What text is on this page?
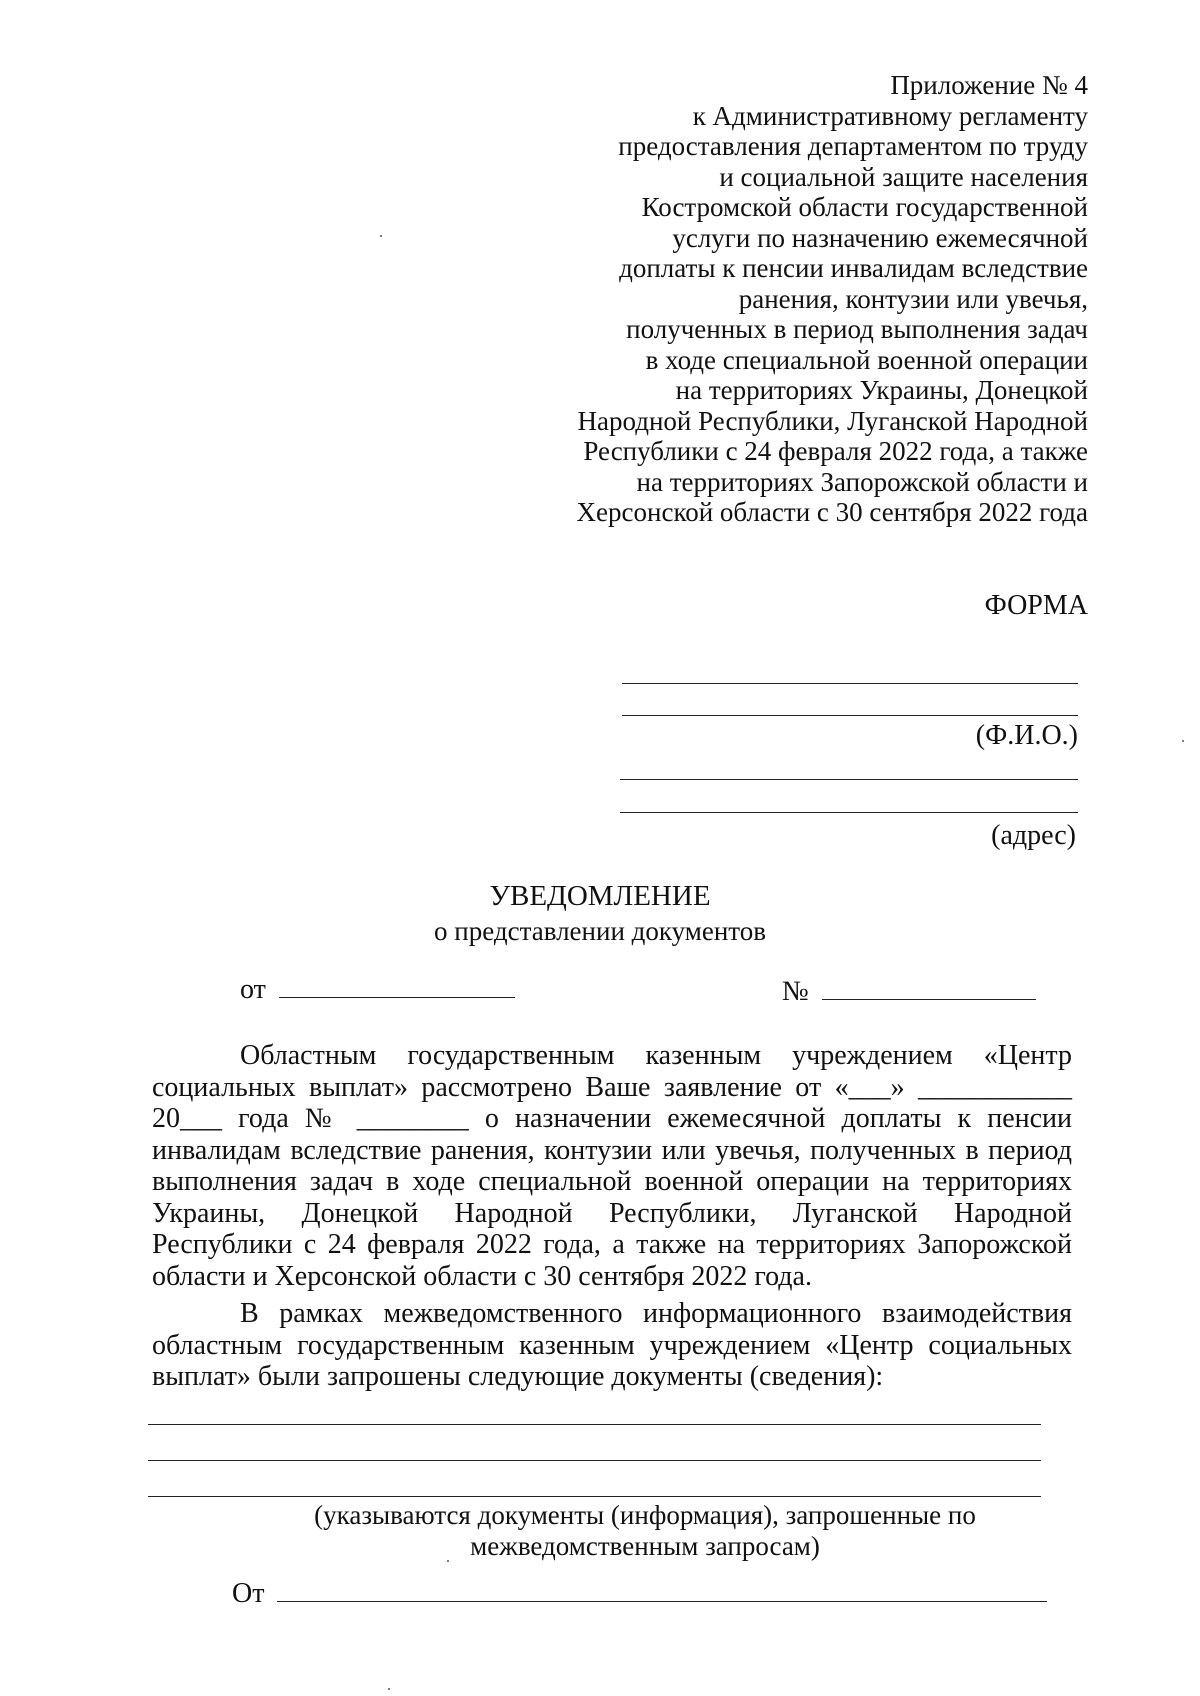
Приложение № 4
к Административному регламенту
предоставления департаментом по труду
и социальной защите населения
Костромской области государственной
услуги по назначению ежемесячной
доплаты к пенсии инвалидам вследствие
ранения, контузии или увечья,
полученных в период выполнения задач
в ходе специальной военной операции
на территориях Украины, Донецкой
Народной Республики, Луганской Народной
Республики с 24 февраля 2022 года, а также
на территориях Запорожской области и
Херсонской области с 30 сентября 2022 года
ФОРМА
(Ф.И.О.)
(адрес)
УВЕДОМЛЕНИЕ
о представлении документов
от	№
Областным государственным казенным учреждением «Центр
социальных выплат» рассмотрено Ваше заявление от «___» ___________
20___ года № ________ о назначении ежемесячной доплаты к пенсии
инвалидам вследствие ранения, контузии или увечья, полученных в период
выполнения задач в ходе специальной военной операции на территориях
Украины, Донецкой Народной Республики, Луганской Народной
Республики с 24 февраля 2022 года, а также на территориях Запорожской
области и Херсонской области с 30 сентября 2022 года.
В рамках межведомственного информационного взаимодействия
областным государственным казенным учреждением «Центр социальных
выплат» были запрошены следующие документы (сведения):
(указываются документы (информация), запрошенные по
межведомственным запросам)
От
